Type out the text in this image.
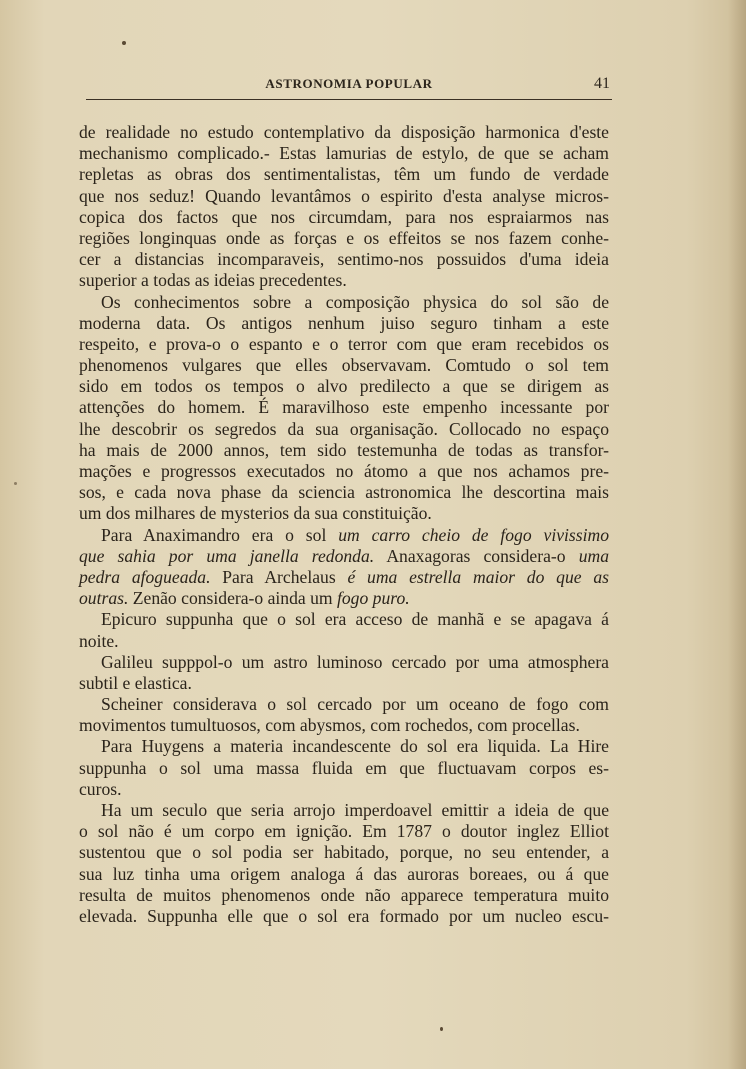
ASTRONOMIA POPULAR	41
de realidade no estudo contemplativo da disposição harmonica d'este
mechanismo complicado.- Estas lamurias de estylo, de que se acham
repletas as obras dos sentimentalistas, têm um fundo de verdade
que nos seduz! Quando levantâmos o espirito d'esta analyse micros-
copica dos factos que nos circumdam, para nos espraiarmos nas
regiões longinquas onde as forças e os effeitos se nos fazem conhe-
cer a distancias incomparaveis, sentimo-nos possuidos d'uma ideia
superior a todas as ideias precedentes.
Os conhecimentos sobre a composição physica do sol são de
moderna data. Os antigos nenhum juiso seguro tinham a este
respeito, e prova-o o espanto e o terror com que eram recebidos os
phenomenos vulgares que elles observavam. Comtudo o sol tem
sido em todos os tempos o alvo predilecto a que se dirigem as
attenções do homem. É maravilhoso este empenho incessante por
lhe descobrir os segredos da sua organisação. Collocado no espaço
ha mais de 2000 annos, tem sido testemunha de todas as transfor-
mações e progressos executados no átomo a que nos achamos pre-
sos, e cada nova phase da sciencia astronomica lhe descortina mais
um dos milhares de mysterios da sua constituição.
Para Anaximandro era o sol um carro cheio de fogo vivissimo
que sahia por uma janella redonda. Anaxagoras considera-o uma
pedra afogueada. Para Archelaus é uma estrella maior do que as
outras. Zenão considera-o ainda um fogo puro.
Epicuro suppunha que o sol era acceso de manhã e se apagava á
noite.
Galileu supppol-o um astro luminoso cercado por uma atmosphera
subtil e elastica.
Scheiner considerava o sol cercado por um oceano de fogo com
movimentos tumultuosos, com abysmos, com rochedos, com procellas.
Para Huygens a materia incandescente do sol era liquida. La Hire
suppunha o sol uma massa fluida em que fluctuavam corpos es-
curos.
Ha um seculo que seria arrojo imperdoavel emittir a ideia de que
o sol não é um corpo em ignição. Em 1787 o doutor inglez Elliot
sustentou que o sol podia ser habitado, porque, no seu entender, a
sua luz tinha uma origem analoga á das auroras boreaes, ou á que
resulta de muitos phenomenos onde não apparece temperatura muito
elevada. Suppunha elle que o sol era formado por um nucleo escu-
